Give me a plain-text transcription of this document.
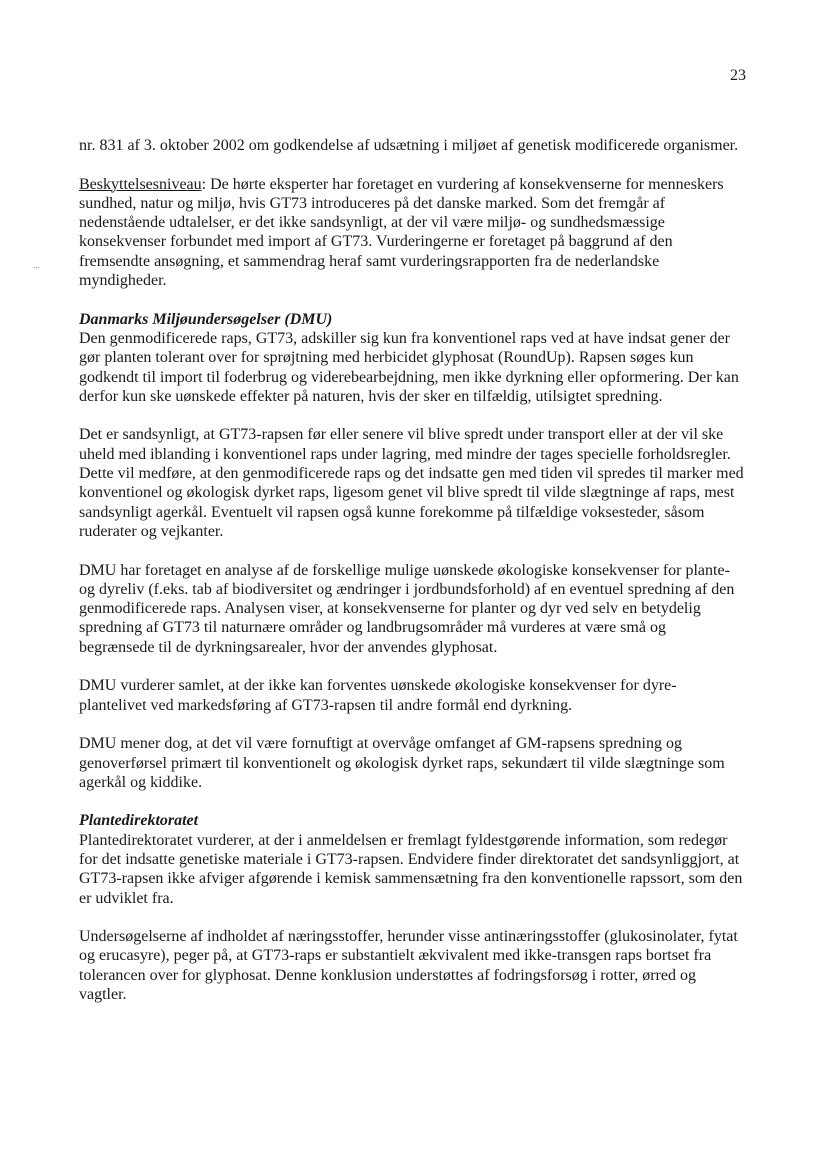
23
...

nr. 831 af 3. oktober 2002 om godkendelse af udsætning i miljøet af genetisk modificerede organismer.

Beskyttelsesniveau: De hørte eksperter har foretaget en vurdering af konsekvenserne for menneskers sundhed, natur og miljø, hvis GT73 introduceres på det danske marked. Som det fremgår af nedenstående udtalelser, er det ikke sandsynligt, at der vil være miljø- og sundhedsmæssige konsekvenser forbundet med import af GT73. Vurderingerne er foretaget på baggrund af den fremsendte ansøgning, et sammendrag heraf samt vurderingsrapporten fra de nederlandske myndigheder.

Danmarks Miljøundersøgelser (DMU)
Den genmodificerede raps, GT73, adskiller sig kun fra konventionel raps ved at have indsat gener der gør planten tolerant over for sprøjtning med herbicidet glyphosat (RoundUp). Rapsen søges kun godkendt til import til foderbrug og viderebearbejdning, men ikke dyrkning eller opformering. Der kan derfor kun ske uønskede effekter på naturen, hvis der sker en tilfældig, utilsigtet spredning.

Det er sandsynligt, at GT73-rapsen før eller senere vil blive spredt under transport eller at der vil ske uheld med iblanding i konventionel raps under lagring, med mindre der tages specielle forholdsregler. Dette vil medføre, at den genmodificerede raps og det indsatte gen med tiden vil spredes til marker med konventionel og økologisk dyrket raps, ligesom genet vil blive spredt til vilde slægtninge af raps, mest sandsynligt agerkål. Eventuelt vil rapsen også kunne forekomme på tilfældige voksesteder, såsom ruderater og vejkanter.

DMU har foretaget en analyse af de forskellige mulige uønskede økologiske konsekvenser for plante- og dyreliv (f.eks. tab af biodiversitet og ændringer i jordbundsforhold) af en eventuel spredning af den genmodificerede raps. Analysen viser, at konsekvenserne for planter og dyr ved selv en betydelig spredning af GT73 til naturnære områder og landbrugsområder må vurderes at være små og begrænsede til de dyrkningsarealer, hvor der anvendes glyphosat.

DMU vurderer samlet, at der ikke kan forventes uønskede økologiske konsekvenser for dyre- plantelivet ved markedsføring af GT73-rapsen til andre formål end dyrkning.

DMU mener dog, at det vil være fornuftigt at overvåge omfanget af GM-rapsens spredning og genoverførsel primært til konventionelt og økologisk dyrket raps, sekundært til vilde slægtninge som agerkål og kiddike.

Plantedirektoratet
Plantedirektoratet vurderer, at der i anmeldelsen er fremlagt fyldestgørende information, som redegør for det indsatte genetiske materiale i GT73-rapsen. Endvidere finder direktoratet det sandsynliggjort, at GT73-rapsen ikke afviger afgørende i kemisk sammensætning fra den konventionelle rapssort, som den er udviklet fra.

Undersøgelserne af indholdet af næringsstoffer, herunder visse antinæringsstoffer (glukosinolater, fytat og erucasyre), peger på, at GT73-raps er substantielt ækvivalent med ikke-transgen raps bortset fra tolerancen over for glyphosat. Denne konklusion understøttes af fodringsforsøg i rotter, ørred og vagtler.
